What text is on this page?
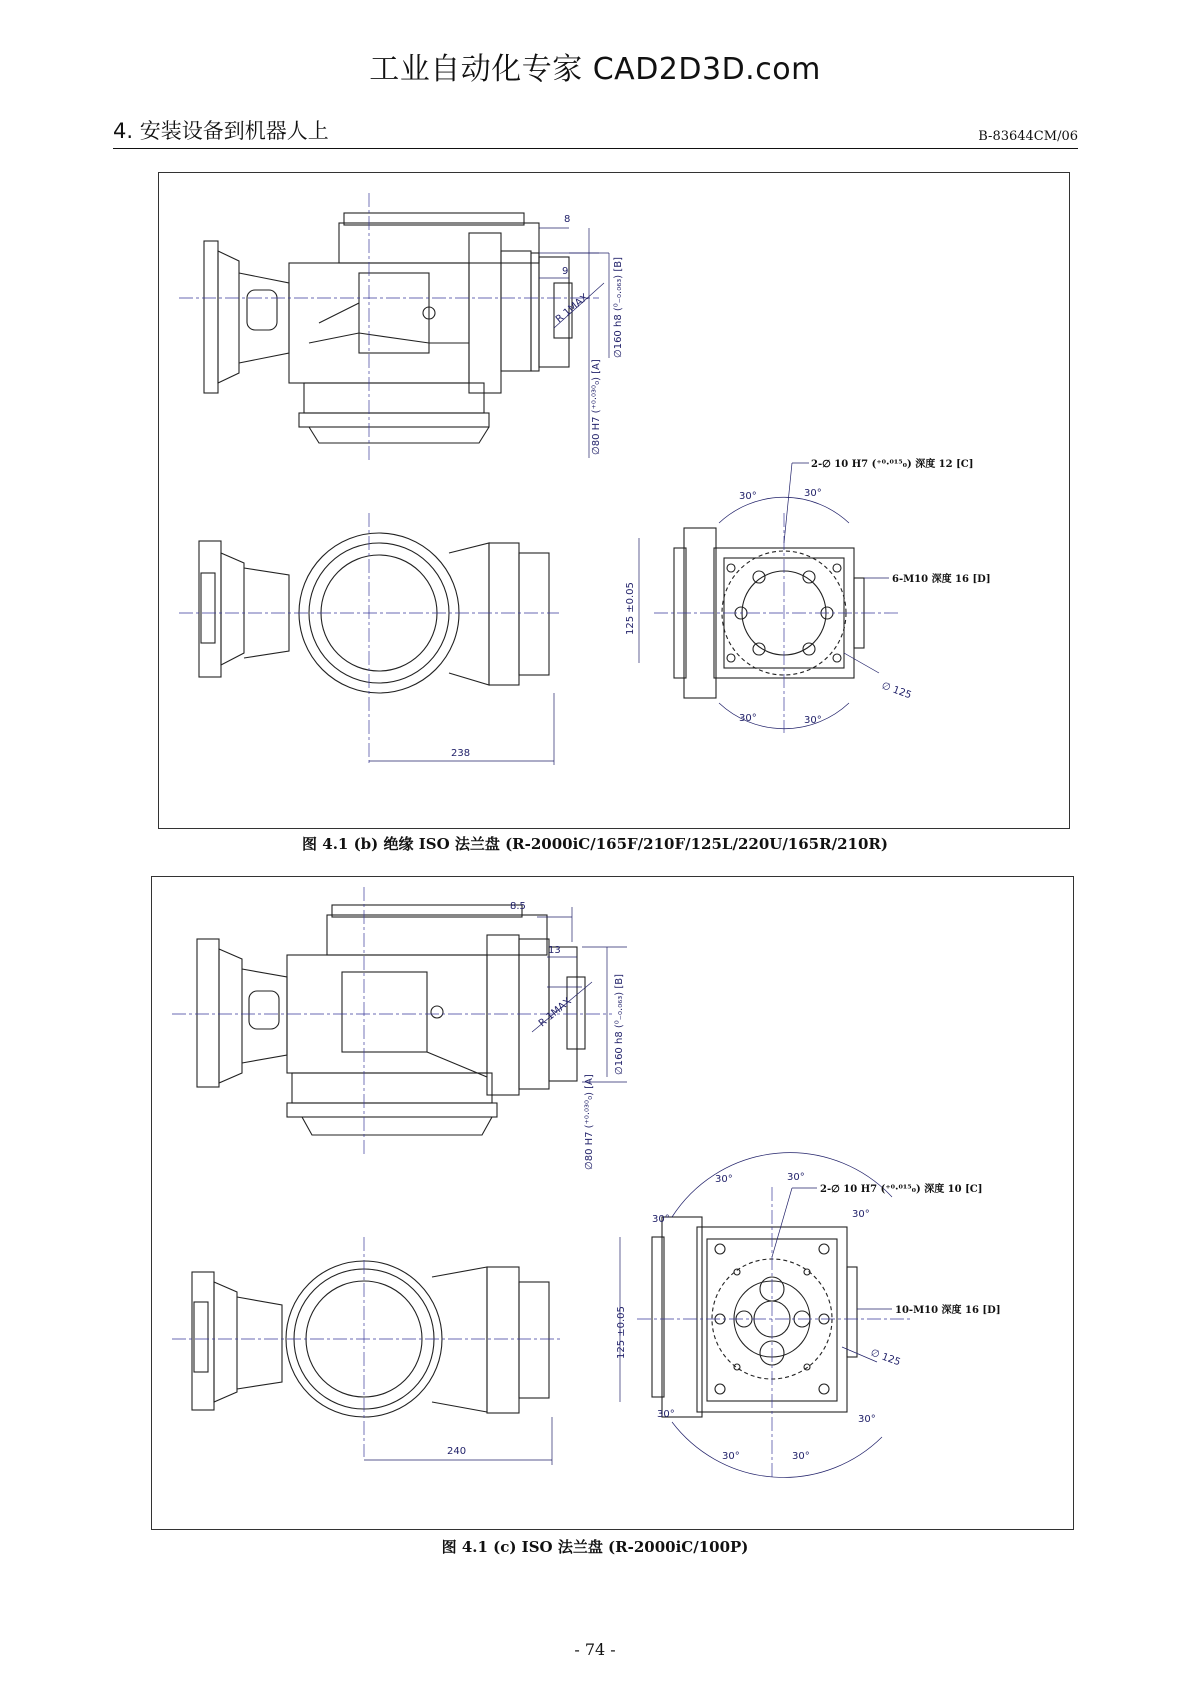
工业自动化专家 CAD2D3D.com
4. 安装设备到机器人上	B-83644CM/06
8
9
R 1MAX ∅160 h8 (⁰₋₀.₀₆₃) [B]
∅80 H7 (⁺⁰·⁰³⁰₀) [A]
125 ±0.05
238
∅ 125
30°	30°
30°	30°
2-∅ 10 H7 (⁺⁰·⁰¹⁵₀) 深度 12 [C]
6-M10 深度 16 [D]
图 4.1 (b) 绝缘 ISO 法兰盘 (R-2000iC/165F/210F/125L/220U/165R/210R)
8.5
13
R 1MAX	∅160 h8 (⁰₋₀.₀₆₃) [B]
∅80 H7 (⁺⁰·⁰³⁰₀) [A]
125 ±0.05
240
∅ 125
30°	30°
30°	30°
30°	30°
30°	30°
2-∅ 10 H7 (⁺⁰·⁰¹⁵₀) 深度 10 [C]
10-M10 深度 16 [D]
图 4.1 (c) ISO 法兰盘 (R-2000iC/100P)
- 74 -
